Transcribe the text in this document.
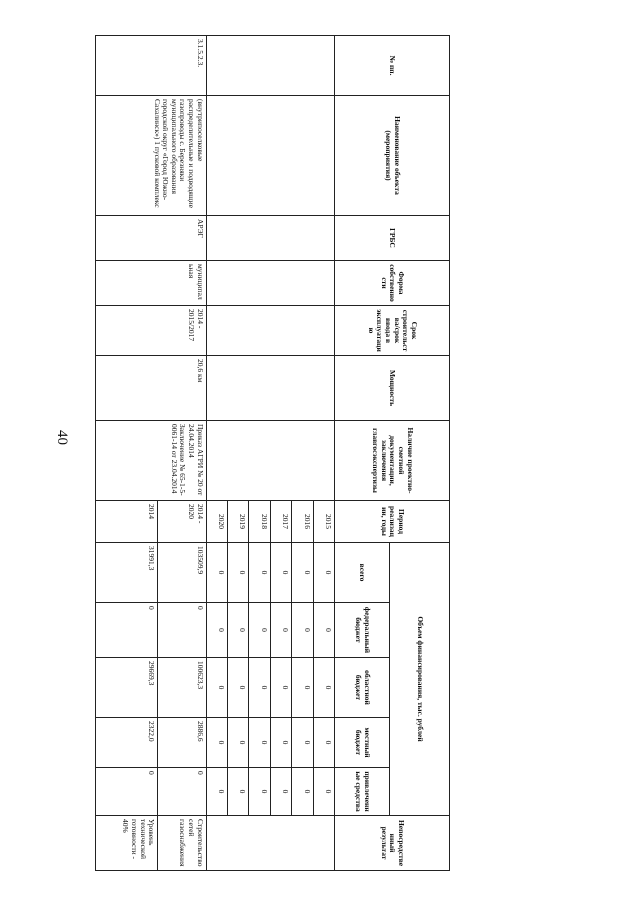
40
№ пп.	Наименование объекта (мероприятия)	ГРБС	Форма собственности	Срок строительства/срок ввода в эксплуатацию	Мощность	Наличие проектно-сметной документации, заключения главгосэкспертизы	Период реализации, годы	Объем финансирования, тыс. рублей					Непосредственный результат
								всего	федеральный бюджет	областной бюджет	местный бюджет	привлеченные средства	
							2015	0	0	0	0	0	
							2016	0	0	0	0	0	
							2017	0	0	0	0	0	
							2018	0	0	0	0	0	
							2019	0	0	0	0	0	
							2020	0	0	0	0	0	
3.1.5.2.3.	(внутрипоселковые распределительные и подводящие газопроводы с. Березняки муниципального образования городской округ «Город Южно-Сахалинск») 1 пусковой комплекс	АРЭГ	муниципальная	2014 - 2015/2017	20,6 км	Приказ АГРИ № 20 от 24.04.2014 Заключение № 65-1-5-0061-14 от 23.04.2014	2014 - 2020	103509,9	0	100623,3	2886,6	0	Строительство сетей газоснабжения
							2014	31991,3	0	29669,3	2322,0	0	Уровень технической готовности - 40%
